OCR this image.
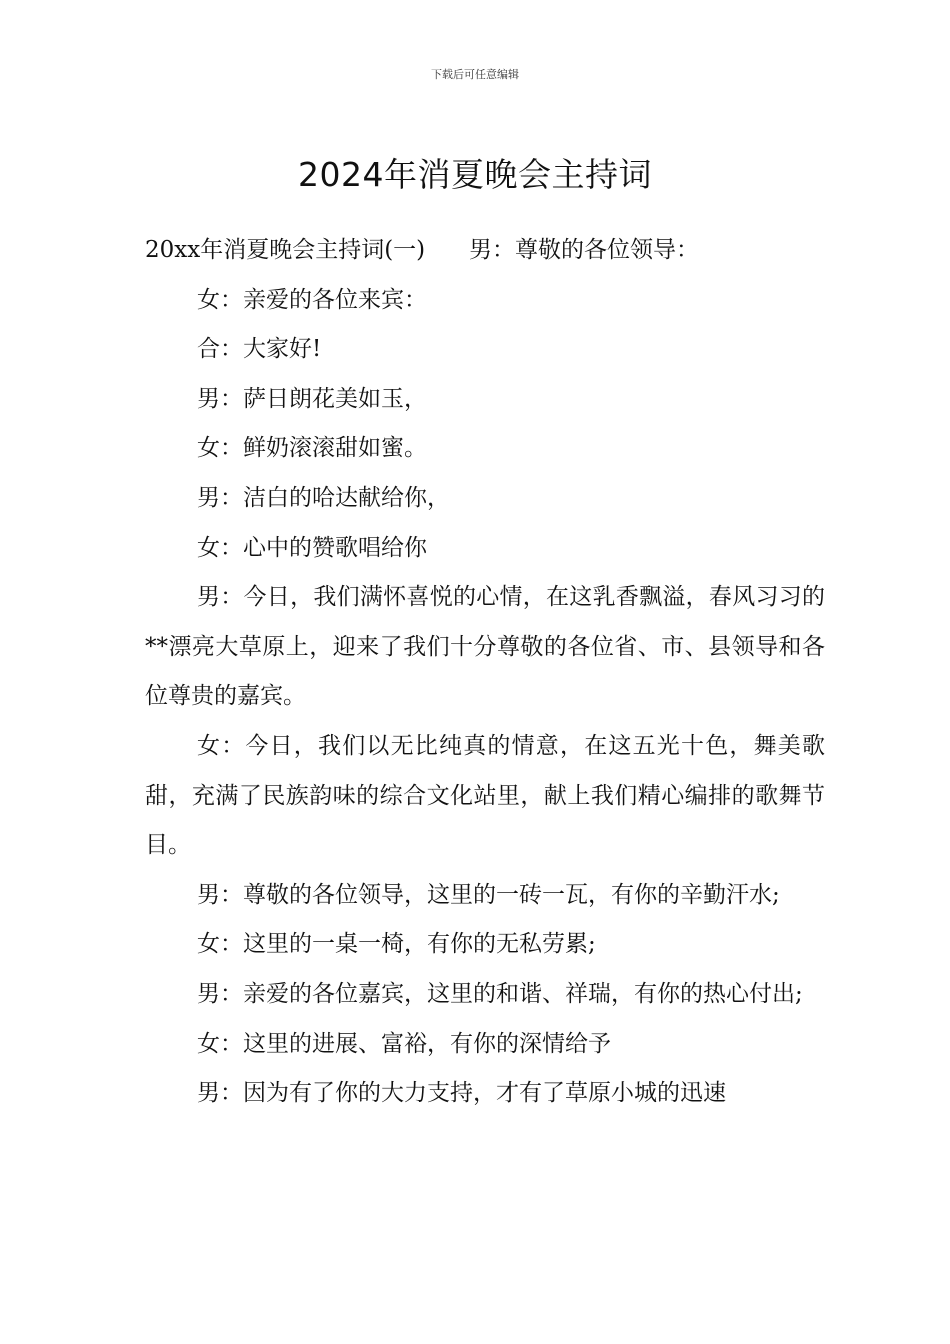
下载后可任意编辑
2024年消夏晚会主持词

20xx年消夏晚会主持词(一)      男：尊敬的各位领导：

女：亲爱的各位来宾：

合：大家好!

男：萨日朗花美如玉，

女：鲜奶滚滚甜如蜜。

男：洁白的哈达献给你，

女：心中的赞歌唱给你

男：今日，我们满怀喜悦的心情，在这乳香飘溢，春风习习的**漂亮大草原上，迎来了我们十分尊敬的各位省、市、县领导和各位尊贵的嘉宾。

女：今日，我们以无比纯真的情意，在这五光十色，舞美歌甜，充满了民族韵味的综合文化站里，献上我们精心编排的歌舞节目。

男：尊敬的各位领导，这里的一砖一瓦，有你的辛勤汗水;

女：这里的一桌一椅，有你的无私劳累;

男：亲爱的各位嘉宾，这里的和谐、祥瑞，有你的热心付出;

女：这里的进展、富裕，有你的深情给予

男：因为有了你的大力支持，才有了草原小城的迅速
